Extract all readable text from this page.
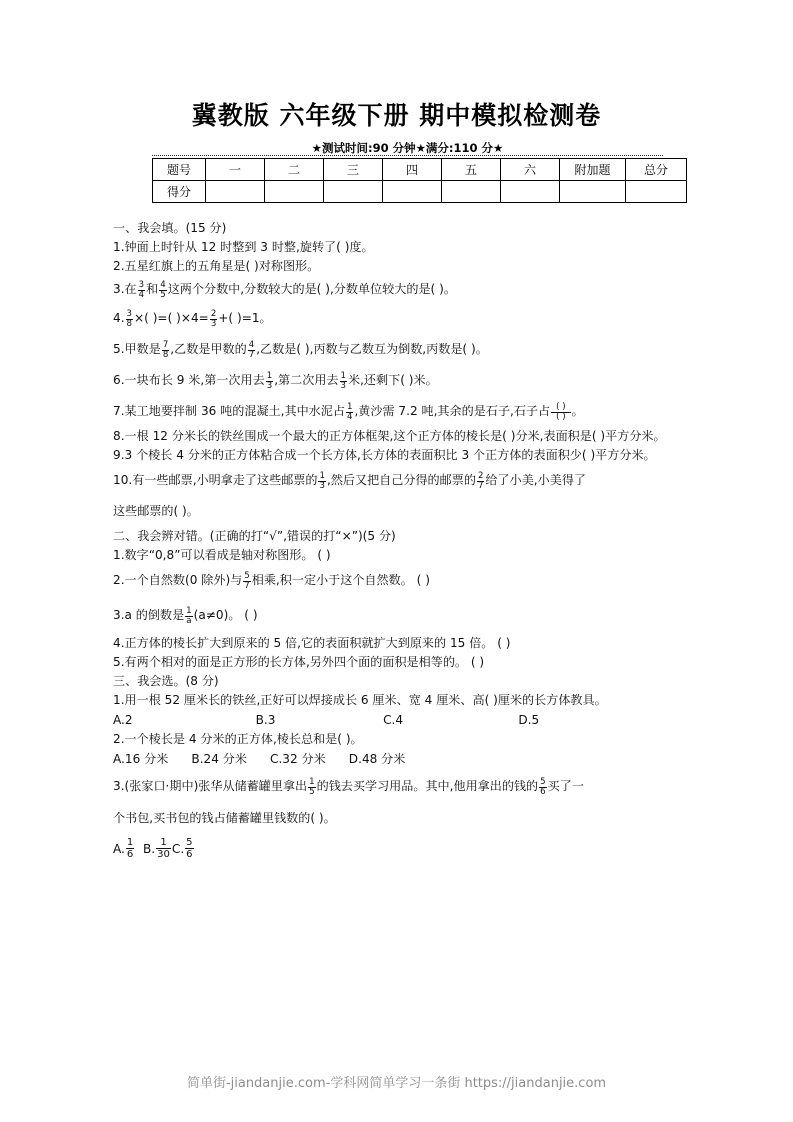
冀教版 六年级下册 期中模拟检测卷
★测试时间:90 分钟★满分:110 分★
题号	一	二	三	四	五	六	附加题	总分
得分								
一、我会填。(15 分)
1.钟面上时针从 12 时整到 3 时整,旋转了( )度。
2.五星红旗上的五角星是( )对称图形。
3.在 $\frac{3}{4}$ 和 $\frac{4}{5}$ 这两个分数中,分数较大的是( ),分数单位较大的是( )。
4. $\frac{3}{8}$ ×( )=( )$\times 4= \frac{2}{3}$ +( )=1。
5.甲数是 $\frac{7}{8}$ ,乙数是甲数的 $\frac{4}{7}$ ,乙数是( ),丙数与乙数互为倒数,丙数是( )。
6.一块布长 9 米,第一次用去 $\frac{1}{3}$ ,第二次用去 $\frac{1}{3}$ 米,还剩下( )米。
7.某工地要拌制 36 吨的混凝土,其中水泥占 $\frac{1}{4}$ ,黄沙需 7.2 吨,其余的是石子,石子占 $\frac{( )}{( )}$ 。
8.一根 12 分米长的铁丝围成一个最大的正方体框架,这个正方体的棱长是( )分米,表面积是( )平方分米。
9.3 个棱长 4 分米的正方体粘合成一个长方体,长方体的表面积比 3 个正方体的表面积少( )平方分米。
10.有一些邮票,小明拿走了这些邮票的 $\frac{1}{3}$ ,然后又把自己分得的邮票的 $\frac{2}{7}$ 给了小美,小美得了
这些邮票的( )。
二、我会辨对错。(正确的打“√”,错误的打“×”)(5 分)
1.数字“0,8”可以看成是轴对称图形。 ( )
2.一个自然数(0 除外)与 $\frac{5}{7}$ 相乘,积一定小于这个自然数。 ( )
3.a 的倒数是 $\frac{1}{a} (a\ne 0)$。 ( )
4.正方体的棱长扩大到原来的 5 倍,它的表面积就扩大到原来的 15 倍。 ( )
5.有两个相对的面是正方形的长方体,另外四个面的面积是相等的。 ( )
三、我会选。(8 分)
1.用一根 52 厘米长的铁丝,正好可以焊接成长 6 厘米、宽 4 厘米、高( )厘米的长方体教具。
A.2                                B.3                            C.4                              D.5
2.一个棱长是 4 分米的正方体,棱长总和是( )。
A.16 分米      B.24 分米      C.32 分米      D.48 分米
3.(张家口·期中)张华从储蓄罐里拿出 $\frac{1}{5}$ 的钱去买学习用品。其中,他用拿出的钱的 $\frac{5}{6}$ 买了一
个书包,买书包的钱占储蓄罐里钱数的( )。
A. $\frac{1}{6} B$. $\frac{1}{30} C$. $\frac{5}{6}$
简单街-jiandanjie.com-学科网简单学习一条街 https://jiandanjie.com
